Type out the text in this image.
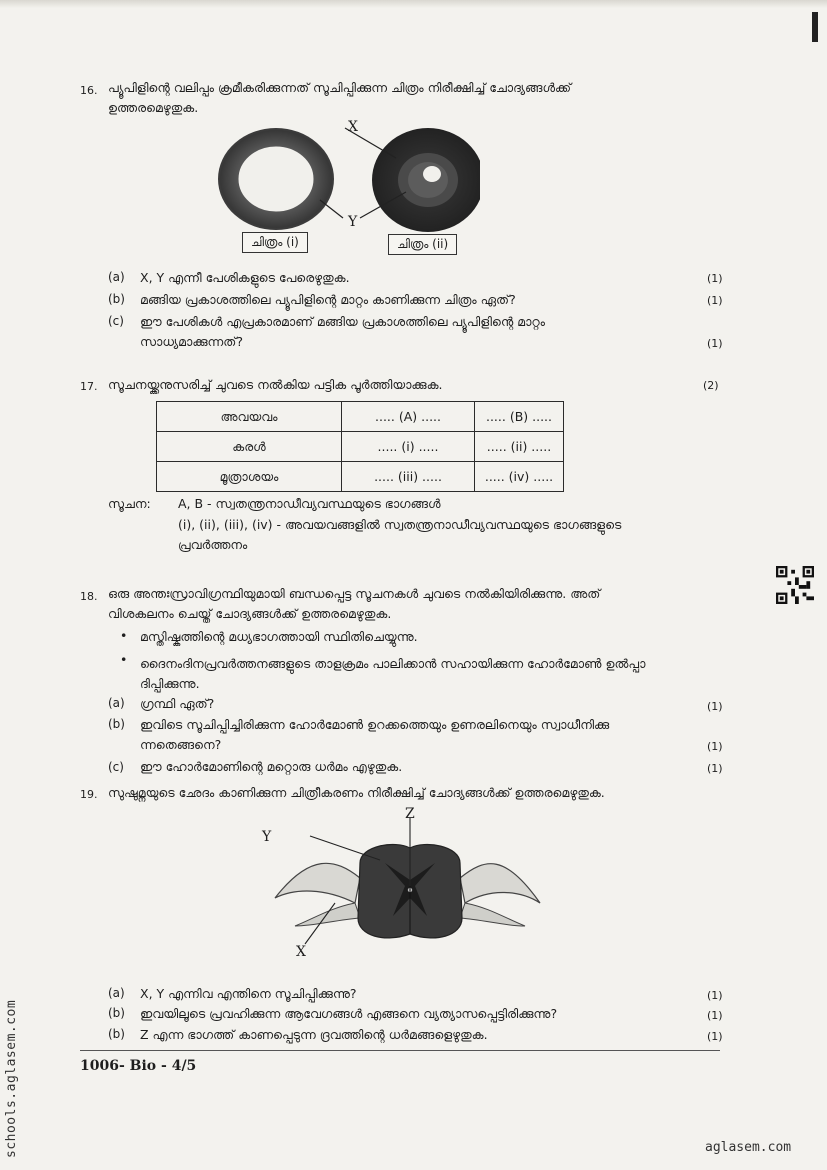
16. പ്യൂപിളിന്റെ വലിപ്പം ക്രമീകരിക്കുന്നത് സൂചിപ്പിക്കുന്ന ചിത്രം നിരീക്ഷിച്ച് ചോദ്യങ്ങൾക്ക്
ഉത്തരമെഴുതുക.
X
Y
ചിത്രം (i)	ചിത്രം (ii)
(a) X, Y എന്നീ പേശികളുടെ പേരെഴുതുക.	(1)
(b) മങ്ങിയ പ്രകാശത്തിലെ പ്യൂപിളിന്റെ മാറ്റം കാണിക്കുന്ന ചിത്രം ഏത്?	(1)
(c) ഈ പേശികൾ എപ്രകാരമാണ് മങ്ങിയ പ്രകാശത്തിലെ പ്യൂപിളിന്റെ മാറ്റം
സാധ്യമാക്കുന്നത്?	(1)
17. സൂചനയ്ക്കനുസരിച്ച് ചുവടെ നൽകിയ പട്ടിക പൂർത്തിയാക്കുക.	(2)
അവയവം	..... (A) .....	..... (B) .....
കരൾ	..... (i) .....	..... (ii) .....
മൂത്രാശയം	..... (iii) .....	..... (iv) .....
സൂചന: A, B - സ്വതന്ത്രനാഡീവ്യവസ്ഥയുടെ ഭാഗങ്ങൾ
(i), (ii), (iii), (iv) - അവയവങ്ങളിൽ സ്വതന്ത്രനാഡീവ്യവസ്ഥയുടെ ഭാഗങ്ങളുടെ
പ്രവർത്തനം
18. ഒരു അന്തഃസ്രാവിഗ്രന്ഥിയുമായി ബന്ധപ്പെട്ട സൂചനകൾ ചുവടെ നൽകിയിരിക്കുന്നു. അത്
വിശകലനം ചെയ്ത് ചോദ്യങ്ങൾക്ക് ഉത്തരമെഴുതുക.
• മസ്തിഷ്കത്തിന്റെ മധ്യഭാഗത്തായി സ്ഥിതിചെയ്യുന്നു.
• ദൈനംദിനപ്രവർത്തനങ്ങളുടെ താളക്രമം പാലിക്കാൻ സഹായിക്കുന്ന ഹോർമോൺ ഉൽപ്പാ
ദിപ്പിക്കുന്നു.
(a) ഗ്രന്ഥി ഏത്?	(1)
(b) ഇവിടെ സൂചിപ്പിച്ചിരിക്കുന്ന ഹോർമോൺ ഉറക്കത്തെയും ഉണരലിനെയും സ്വാധീനിക്കു
ന്നതെങ്ങനെ?	(1)
(c) ഈ ഹോർമോണിന്റെ മറ്റൊരു ധർമം എഴുതുക.	(1)
19. സുഷുമ്നയുടെ ഛേദം കാണിക്കുന്ന ചിത്രീകരണം നിരീക്ഷിച്ച് ചോദ്യങ്ങൾക്ക് ഉത്തരമെഴുതുക.
Y
Z
X
(a) X, Y എന്നിവ എന്തിനെ സൂചിപ്പിക്കുന്നു?	(1)
(b) ഇവയിലൂടെ പ്രവഹിക്കുന്ന ആവേഗങ്ങൾ എങ്ങനെ വ്യത്യാസപ്പെട്ടിരിക്കുന്നു?	(1)
(b) Z എന്ന ഭാഗത്ത് കാണപ്പെടുന്ന ദ്രവത്തിന്റെ ധർമങ്ങളെഴുതുക.	(1)
1006- Bio - 4/5
schools.aglasem.com	aglasem.com
